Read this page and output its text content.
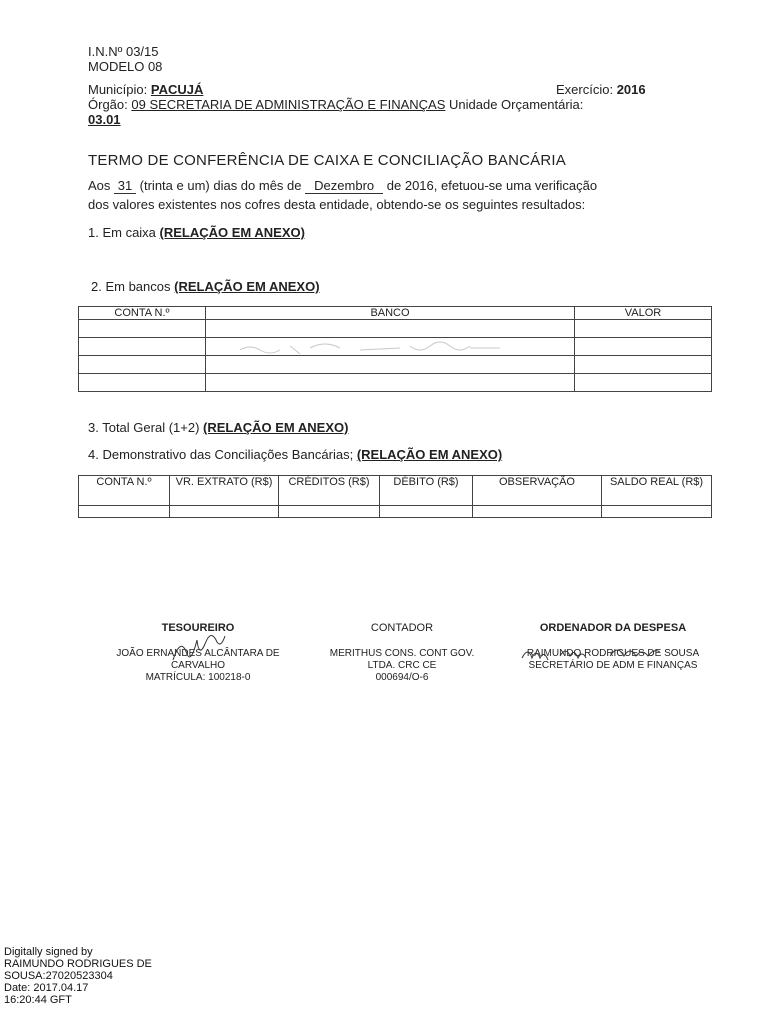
I.N.Nº 03/15
MODELO 08
Município: PACUJÁ	Exercício: 2016
Órgão: 09 SECRETARIA DE ADMINISTRAÇÃO E FINANÇAS Unidade Orçamentária:
03.01
TERMO DE CONFERÊNCIA DE CAIXA E CONCILIAÇÃO BANCÁRIA
Aos 31 (trinta e um) dias do mês de Dezembro de 2016, efetuou-se uma verificação
dos valores existentes nos cofres desta entidade, obtendo-se os seguintes resultados:
1. Em caixa (RELAÇÃO EM ANEXO)
2. Em bancos (RELAÇÃO EM ANEXO)
CONTA N.º	BANCO	VALOR

3. Total Geral (1+2) (RELAÇÃO EM ANEXO)
4. Demonstrativo das Conciliações Bancárias; (RELAÇÃO EM ANEXO)
CONTA N.º	VR. EXTRATO (R$)	CRÉDITOS (R$)	DÉBITO (R$)	OBSERVAÇÃO	SALDO REAL (R$)

TESOUREIRO
JOÃO ERNANDES ALCÂNTARA DE CARVALHO
MATRÍCULA: 100218-0
CONTADOR
MERITHUS CONS. CONT GOV. LTDA. CRC CE
000694/O-6
ORDENADOR DA DESPESA
RAIMUNDO RODRIGUES DE SOUSA
SECRETÁRIO DE ADM E FINANÇAS
Digitally signed by
RAIMUNDO RODRIGUES DE SOUSA:27020523304
Date: 2017.04.17
16:20:44 GFT
